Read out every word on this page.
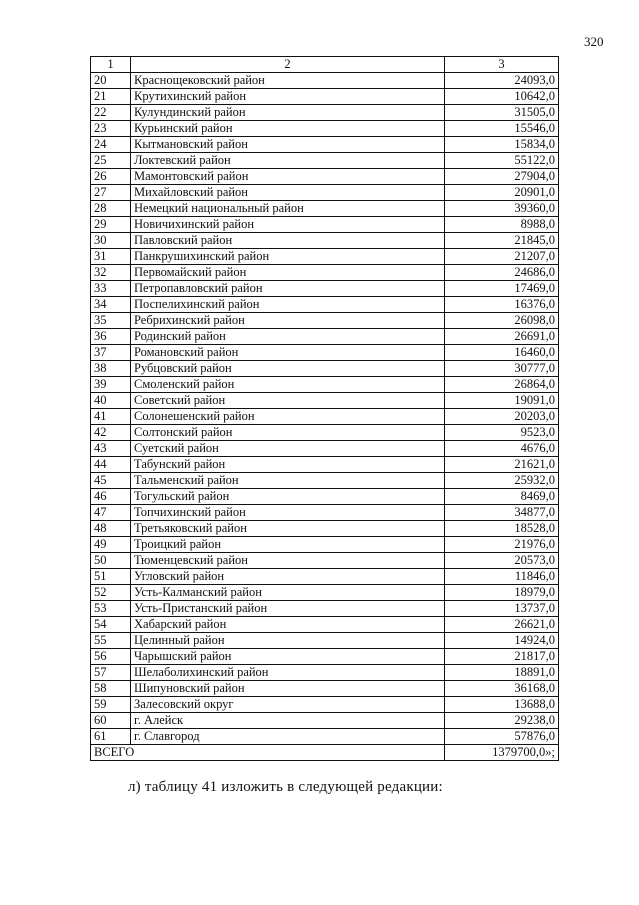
320
1	2	3
20	Краснощековский район	24093,0
21	Крутихинский район	10642,0
22	Кулундинский район	31505,0
23	Курьинский район	15546,0
24	Кытмановский район	15834,0
25	Локтевский район	55122,0
26	Мамонтовский район	27904,0
27	Михайловский район	20901,0
28	Немецкий национальный район	39360,0
29	Новичихинский район	8988,0
30	Павловский район	21845,0
31	Панкрушихинский район	21207,0
32	Первомайский район	24686,0
33	Петропавловский район	17469,0
34	Поспелихинский район	16376,0
35	Ребрихинский район	26098,0
36	Родинский район	26691,0
37	Романовский район	16460,0
38	Рубцовский район	30777,0
39	Смоленский район	26864,0
40	Советский район	19091,0
41	Солонешенский район	20203,0
42	Солтонский район	9523,0
43	Суетский район	4676,0
44	Табунский район	21621,0
45	Тальменский район	25932,0
46	Тогульский район	8469,0
47	Топчихинский район	34877,0
48	Третьяковский район	18528,0
49	Троицкий район	21976,0
50	Тюменцевский район	20573,0
51	Угловский район	11846,0
52	Усть-Калманский район	18979,0
53	Усть-Пристанский район	13737,0
54	Хабарский район	26621,0
55	Целинный район	14924,0
56	Чарышский район	21817,0
57	Шелаболихинский район	18891,0
58	Шипуновский район	36168,0
59	Залесовский округ	13688,0
60	г. Алейск	29238,0
61	г. Славгород	57876,0
ВСЕГО		1379700,0»;
л) таблицу 41 изложить в следующей редакции:
